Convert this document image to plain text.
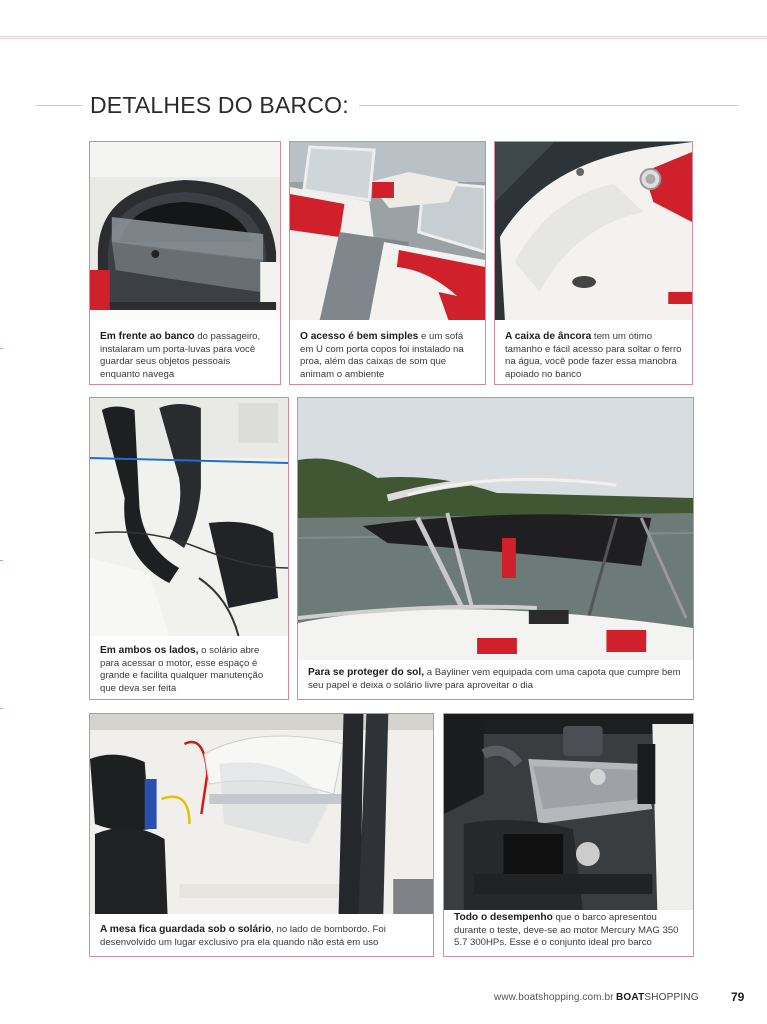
DETALHES DO BARCO:
Em frente ao banco do passageiro, instalaram um porta-luvas para você guardar seus objetos pessoais enquanto navega
O acesso é bem simples e um sofá em U com porta copos foi instalado na proa, além das caixas de som que animam o ambiente
A caixa de âncora tem um ótimo tamanho e fácil acesso para soltar o ferro na água, você pode fazer essa manobra apoiado no banco
Em ambos os lados, o solário abre para acessar o motor, esse espaço é grande e facilita qualquer manutenção que deva ser feita
Para se proteger do sol, a Bayliner vem equipada com uma capota que cumpre bem seu papel e deixa o solário livre para aproveitar o dia
A mesa fica guardada sob o solário, no lado de bombordo. Foi desenvolvido um lugar exclusivo pra ela quando não está em uso
Todo o desempenho que o barco apresentou durante o teste, deve-se ao motor Mercury MAG 350 5.7 300HPs. Esse é o conjunto ideal pro barco
www.boatshopping.com.br BOATSHOPPING	79
